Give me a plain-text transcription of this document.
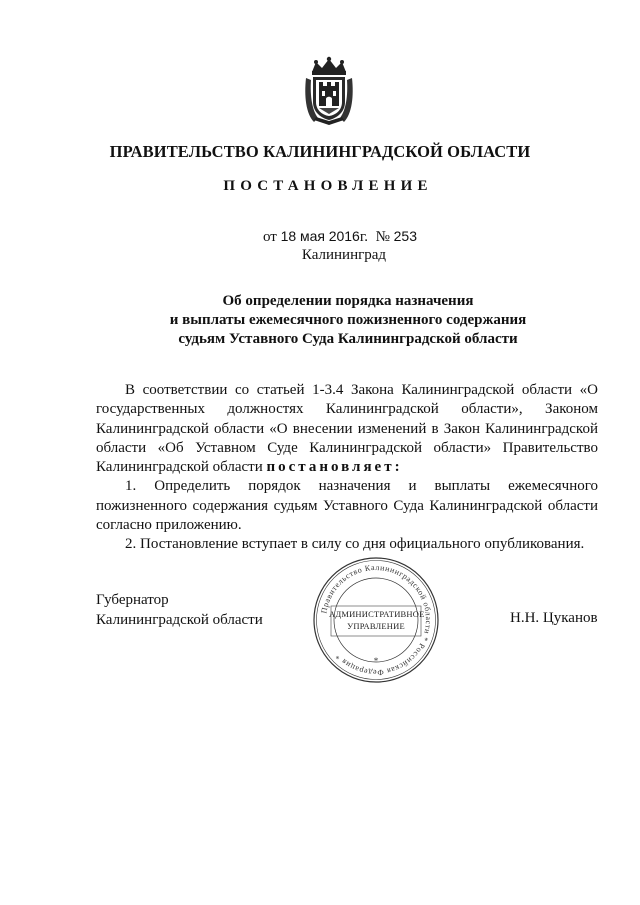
ПРАВИТЕЛЬСТВО КАЛИНИНГРАДСКОЙ ОБЛАСТИ
ПОСТАНОВЛЕНИЕ
от 18 мая 2016г. № 253
Калининград
Об определении порядка назначения
и выплаты ежемесячного пожизненного содержания
судьям Уставного Суда Калининградской области

В соответствии со статьей 1-3.4 Закона Калининградской области «О государственных должностях Калининградской области», Законом Калининградской области «О внесении изменений в Закон Калининградской области «Об Уставном Суде Калининградской области» Правительство Калининградской области постановляет:

1. Определить порядок назначения и выплаты ежемесячного пожизненного содержания судьям Уставного Суда Калининградской области согласно приложению.

2. Постановление вступает в силу со дня официального опубликования.

Губернатор
Калининградской области
Правительство Калининградской области * Российская Федерация *	*
АДМИНИСТРАТИВНОЕ
УПРАВЛЕНИЕ	Н.Н. Цуканов
